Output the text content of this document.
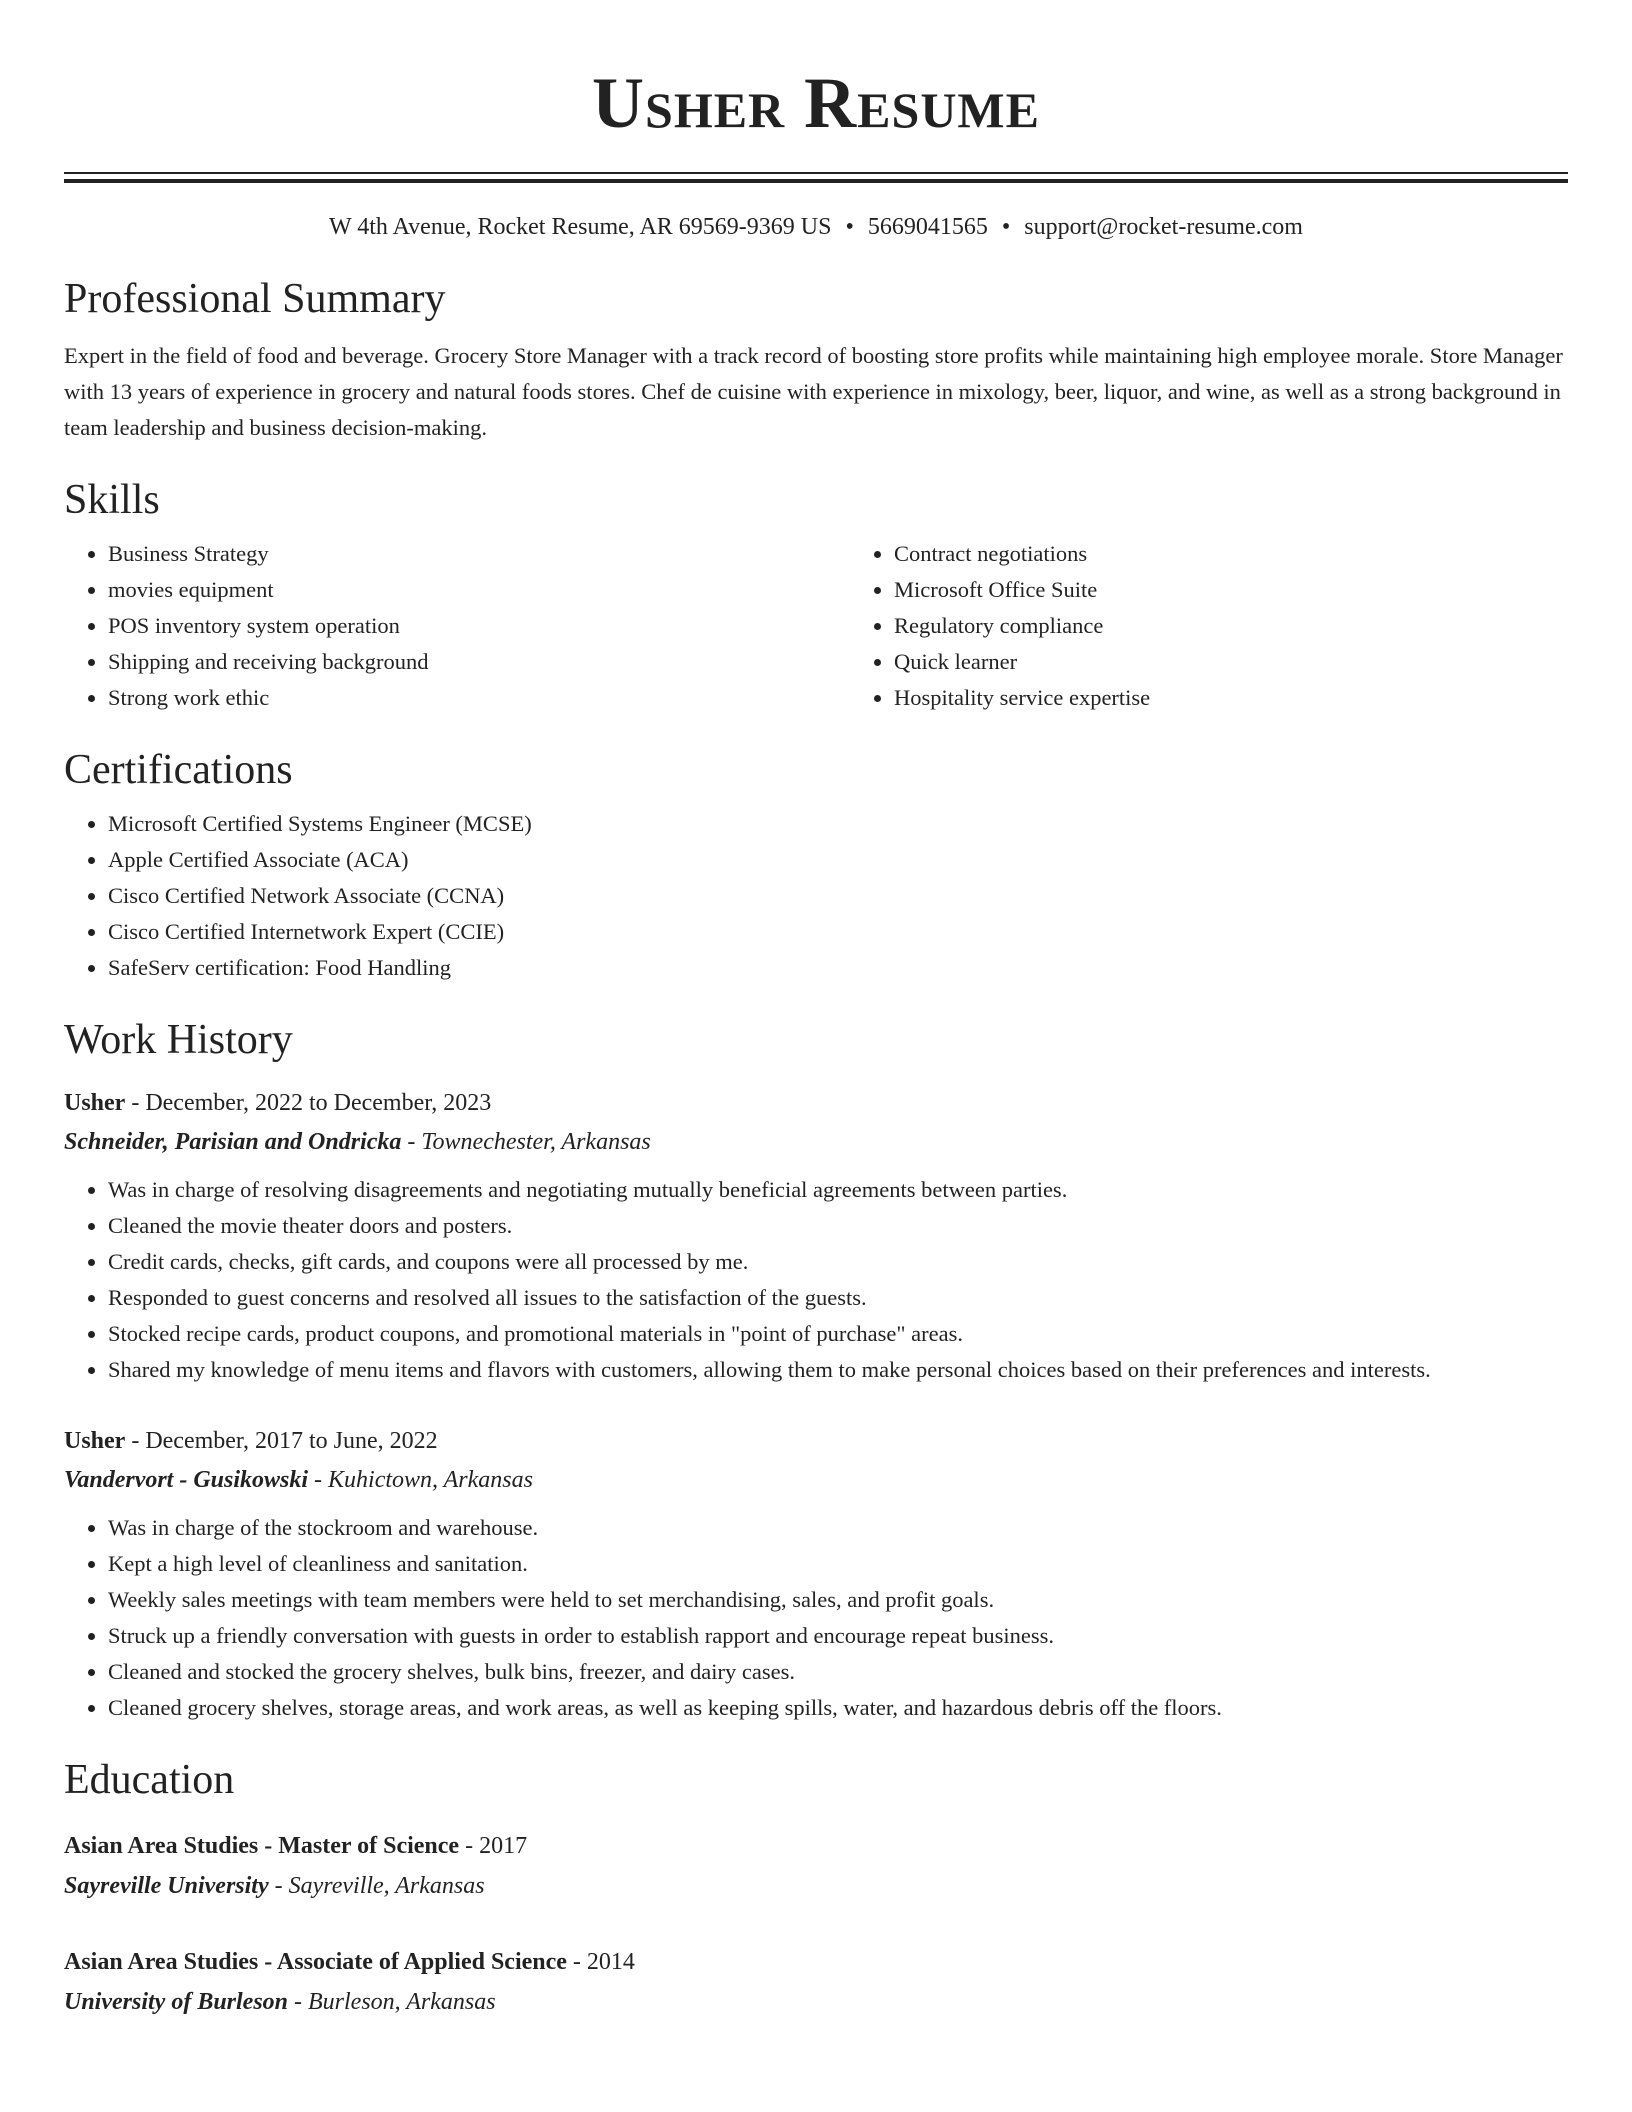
Usher Resume
W 4th Avenue, Rocket Resume, AR 69569-9369 US • 5669041565 • support@rocket-resume.com
Professional Summary

Expert in the field of food and beverage. Grocery Store Manager with a track record of boosting store profits while maintaining high employee morale. Store Manager with 13 years of experience in grocery and natural foods stores. Chef de cuisine with experience in mixology, beer, liquor, and wine, as well as a strong background in team leadership and business decision-making.

Skills
• Business Strategy
• movies equipment
• POS inventory system operation
• Shipping and receiving background
• Strong work ethic
• Contract negotiations
• Microsoft Office Suite
• Regulatory compliance
• Quick learner
• Hospitality service expertise
Certifications
• Microsoft Certified Systems Engineer (MCSE)
• Apple Certified Associate (ACA)
• Cisco Certified Network Associate (CCNA)
• Cisco Certified Internetwork Expert (CCIE)
• SafeServ certification: Food Handling
Work History
Usher - December, 2022 to December, 2023
Schneider, Parisian and Ondricka - Townechester, Arkansas
• Was in charge of resolving disagreements and negotiating mutually beneficial agreements between parties.
• Cleaned the movie theater doors and posters.
• Credit cards, checks, gift cards, and coupons were all processed by me.
• Responded to guest concerns and resolved all issues to the satisfaction of the guests.
• Stocked recipe cards, product coupons, and promotional materials in "point of purchase" areas.
• Shared my knowledge of menu items and flavors with customers, allowing them to make personal choices based on their preferences and interests.
Usher - December, 2017 to June, 2022
Vandervort - Gusikowski - Kuhictown, Arkansas
• Was in charge of the stockroom and warehouse.
• Kept a high level of cleanliness and sanitation.
• Weekly sales meetings with team members were held to set merchandising, sales, and profit goals.
• Struck up a friendly conversation with guests in order to establish rapport and encourage repeat business.
• Cleaned and stocked the grocery shelves, bulk bins, freezer, and dairy cases.
• Cleaned grocery shelves, storage areas, and work areas, as well as keeping spills, water, and hazardous debris off the floors.
Education
Asian Area Studies - Master of Science - 2017
Sayreville University - Sayreville, Arkansas
Asian Area Studies - Associate of Applied Science - 2014
University of Burleson - Burleson, Arkansas
